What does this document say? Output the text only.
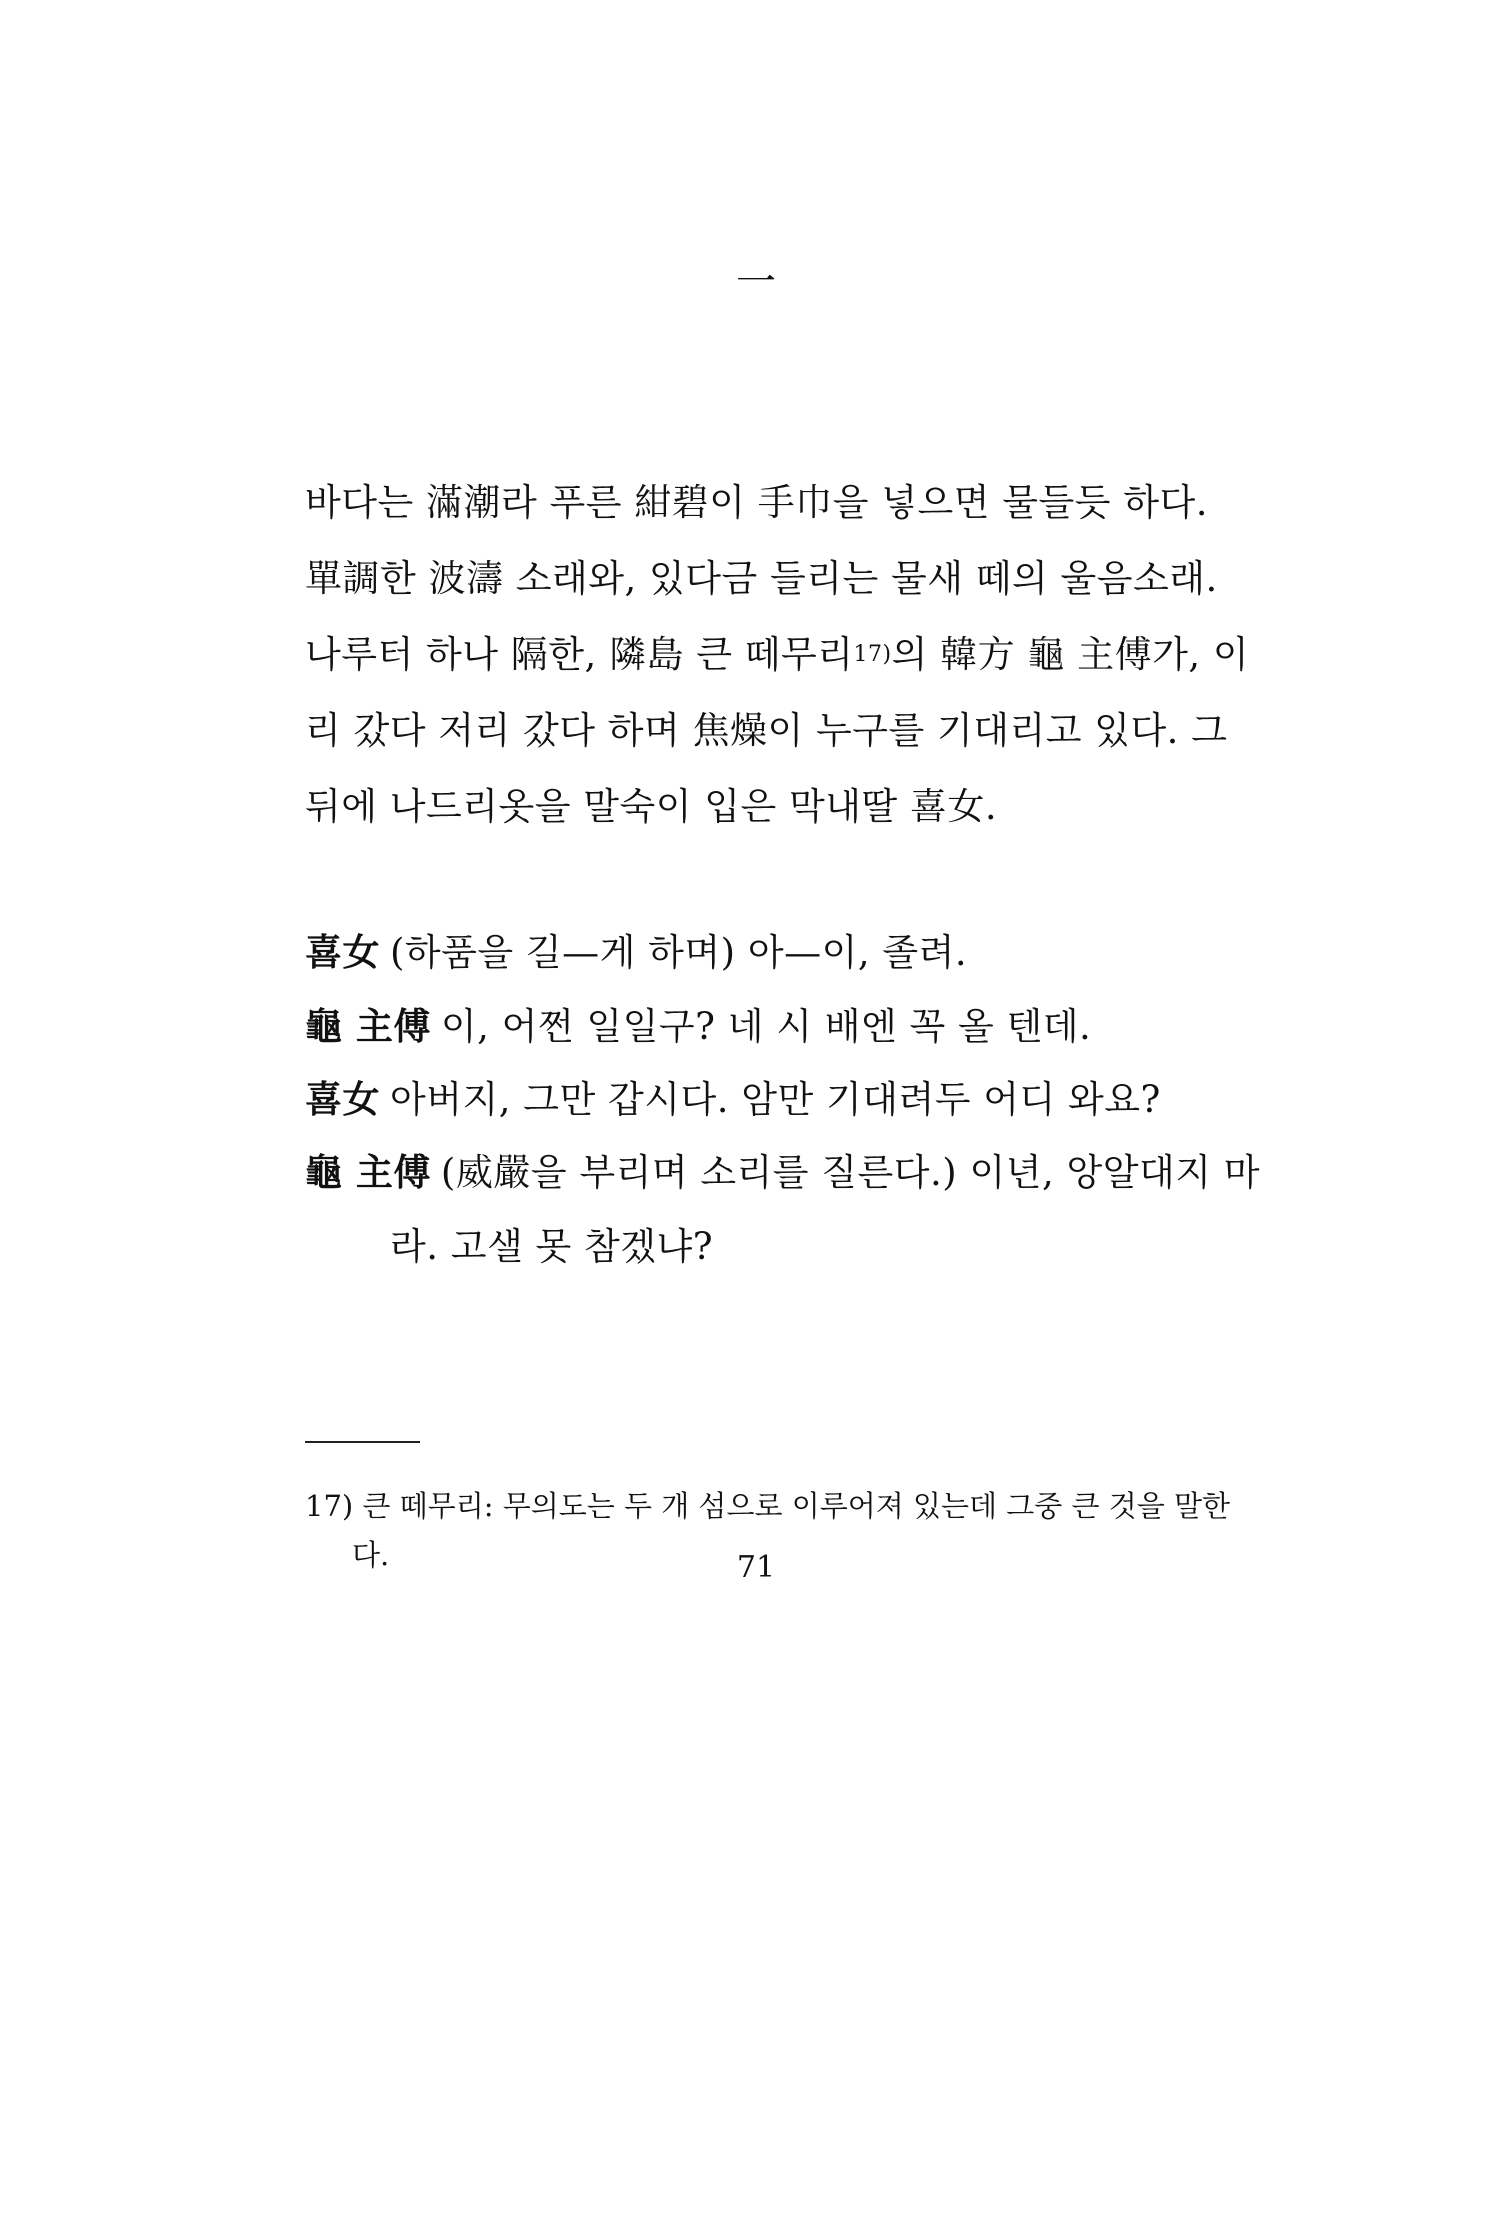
一
바다는 滿潮라 푸른 紺碧이 手巾을 넣으면 물들듯 하다.
單調한 波濤 소래와, 있다금 들리는 물새 떼의 울음소래.
나루터 하나 隔한, 隣島 큰 떼무리$^{17)}$의 韓方 龜 主傅가, 이
리 갔다 저리 갔다 하며 焦燥이 누구를 기대리고 있다. 그
뒤에 나드리옷을 말숙이 입은 막내딸 喜女.
喜女 (하품을 길—게 하며) 아—이, 졸려.
龜 主傅 이, 어쩐 일일구? 네 시 배엔 꼭 올 텐데.
喜女 아버지, 그만 갑시다. 암만 기대려두 어디 와요?
龜 主傅 (威嚴을 부리며 소리를 질른다.) 이년, 앙알대지 마
라. 고샐 못 참겠냐?
17) 큰 떼무리: 무의도는 두 개 섬으로 이루어져 있는데 그중 큰 것을 말한
다.	71
